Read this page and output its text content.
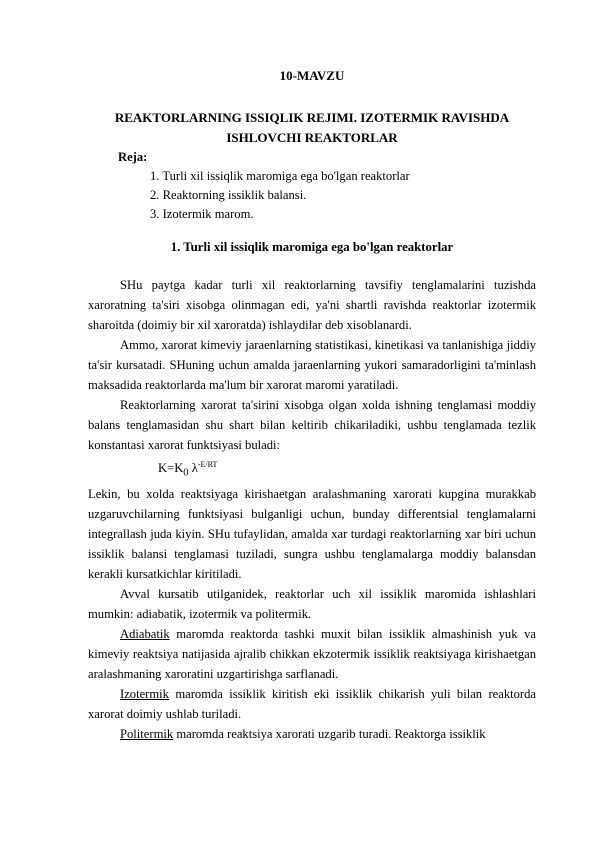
10-MAVZU
REAKTORLARNING ISSIQLIK REJIMI. IZOTERMIK RAVISHDA
ISHLOVCHI REAKTORLAR
Reja:
1. Turli xil issiqlik maromiga ega bo'lgan reaktorlar
2. Reaktorning issiklik balansi.
3. Izotermik marom.
1. Turli xil issiqlik maromiga ega bo'lgan reaktorlar

SHu paytga kadar turli xil reaktorlarning tavsifiy tenglamalarini tuzishda xaroratning ta'siri xisobga olinmagan edi, ya'ni shartli ravishda reaktorlar izotermik sharoitda (doimiy bir xil xaroratda) ishlaydilar deb xisoblanardi.

Ammo, xarorat kimeviy jaraenlarning statistikasi, kinetikasi va tanlanishiga jiddiy ta'sir kursatadi. SHuning uchun amalda jaraenlarning yukori samaradorligini ta'minlash maksadida reaktorlarda ma'lum bir xarorat maromi yaratiladi.

Reaktorlarning xarorat ta'sirini xisobga olgan xolda ishning tenglamasi moddiy balans tenglamasidan shu shart bilan keltirib chikariladiki, ushbu tenglamada tezlik konstantasi xarorat funktsiyasi buladi:

$K=K_0$ $\lambda^{-E/RT}$

Lekin, bu xolda reaktsiyaga kirishaetgan aralashmaning xarorati kupgina murakkab uzgaruvchilarning funktsiyasi bulganligi uchun, bunday differentsial tenglamalarni integrallash juda kiyin. SHu tufaylidan, amalda xar turdagi reaktorlarning xar biri uchun issiklik balansi tenglamasi tuziladi, sungra ushbu tenglamalarga moddiy balansdan kerakli kursatkichlar kiritiladi.

Avval kursatib utilganidek, reaktorlar uch xil issiklik maromida ishlashlari mumkin: adiabatik, izotermik va politermik.

Adiabatik maromda reaktorda tashki muxit bilan issiklik almashinish yuk va kimeviy reaktsiya natijasida ajralib chikkan ekzotermik issiklik reaktsiyaga kirishaetgan aralashmaning xaroratini uzgartirishga sarflanadi.

Izotermik maromda issiklik kiritish eki issiklik chikarish yuli bilan reaktorda xarorat doimiy ushlab turiladi.

Politermik maromda reaktsiya xarorati uzgarib turadi. Reaktorga issiklik
